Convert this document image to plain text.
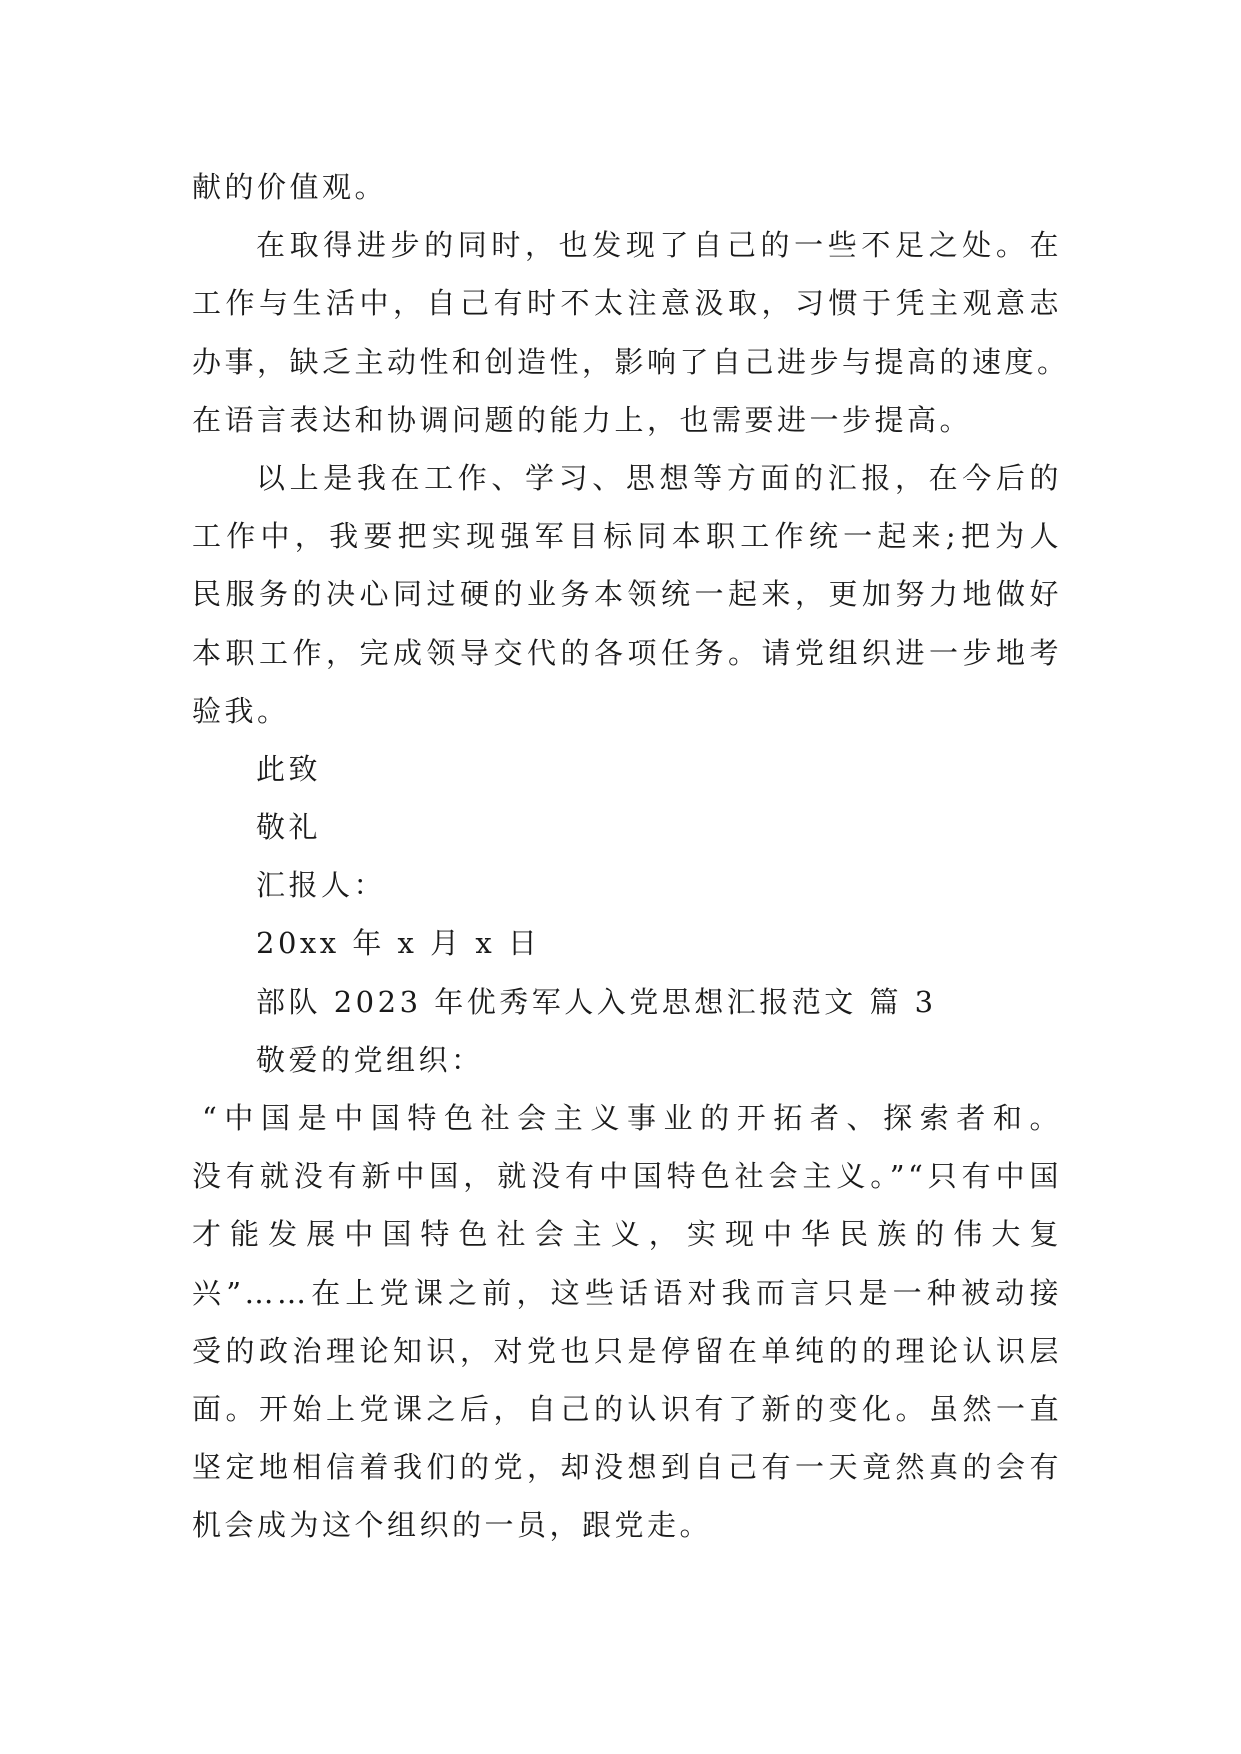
献的价值观。
在取得进步的同时，也发现了自己的一些不足之处。在
工作与生活中，自己有时不太注意汲取，习惯于凭主观意志
办事，缺乏主动性和创造性，影响了自己进步与提高的速度。
在语言表达和协调问题的能力上，也需要进一步提高。
以上是我在工作、学习、思想等方面的汇报，在今后的
工作中，我要把实现强军目标同本职工作统一起来;把为人
民服务的决心同过硬的业务本领统一起来，更加努力地做好
本职工作，完成领导交代的各项任务。请党组织进一步地考
验我。
此致
敬礼
汇报人：
20xx 年 x 月 x 日
部队 2023 年优秀军人入党思想汇报范文 篇 3
敬爱的党组织：
“中国是中国特色社会主义事业的开拓者、探索者和。
没有就没有新中国，就没有中国特色社会主义。”“只有中国
才能发展中国特色社会主义，实现中华民族的伟大复
兴”……在上党课之前，这些话语对我而言只是一种被动接
受的政治理论知识，对党也只是停留在单纯的的理论认识层
面。开始上党课之后，自己的认识有了新的变化。虽然一直
坚定地相信着我们的党，却没想到自己有一天竟然真的会有
机会成为这个组织的一员，跟党走。
